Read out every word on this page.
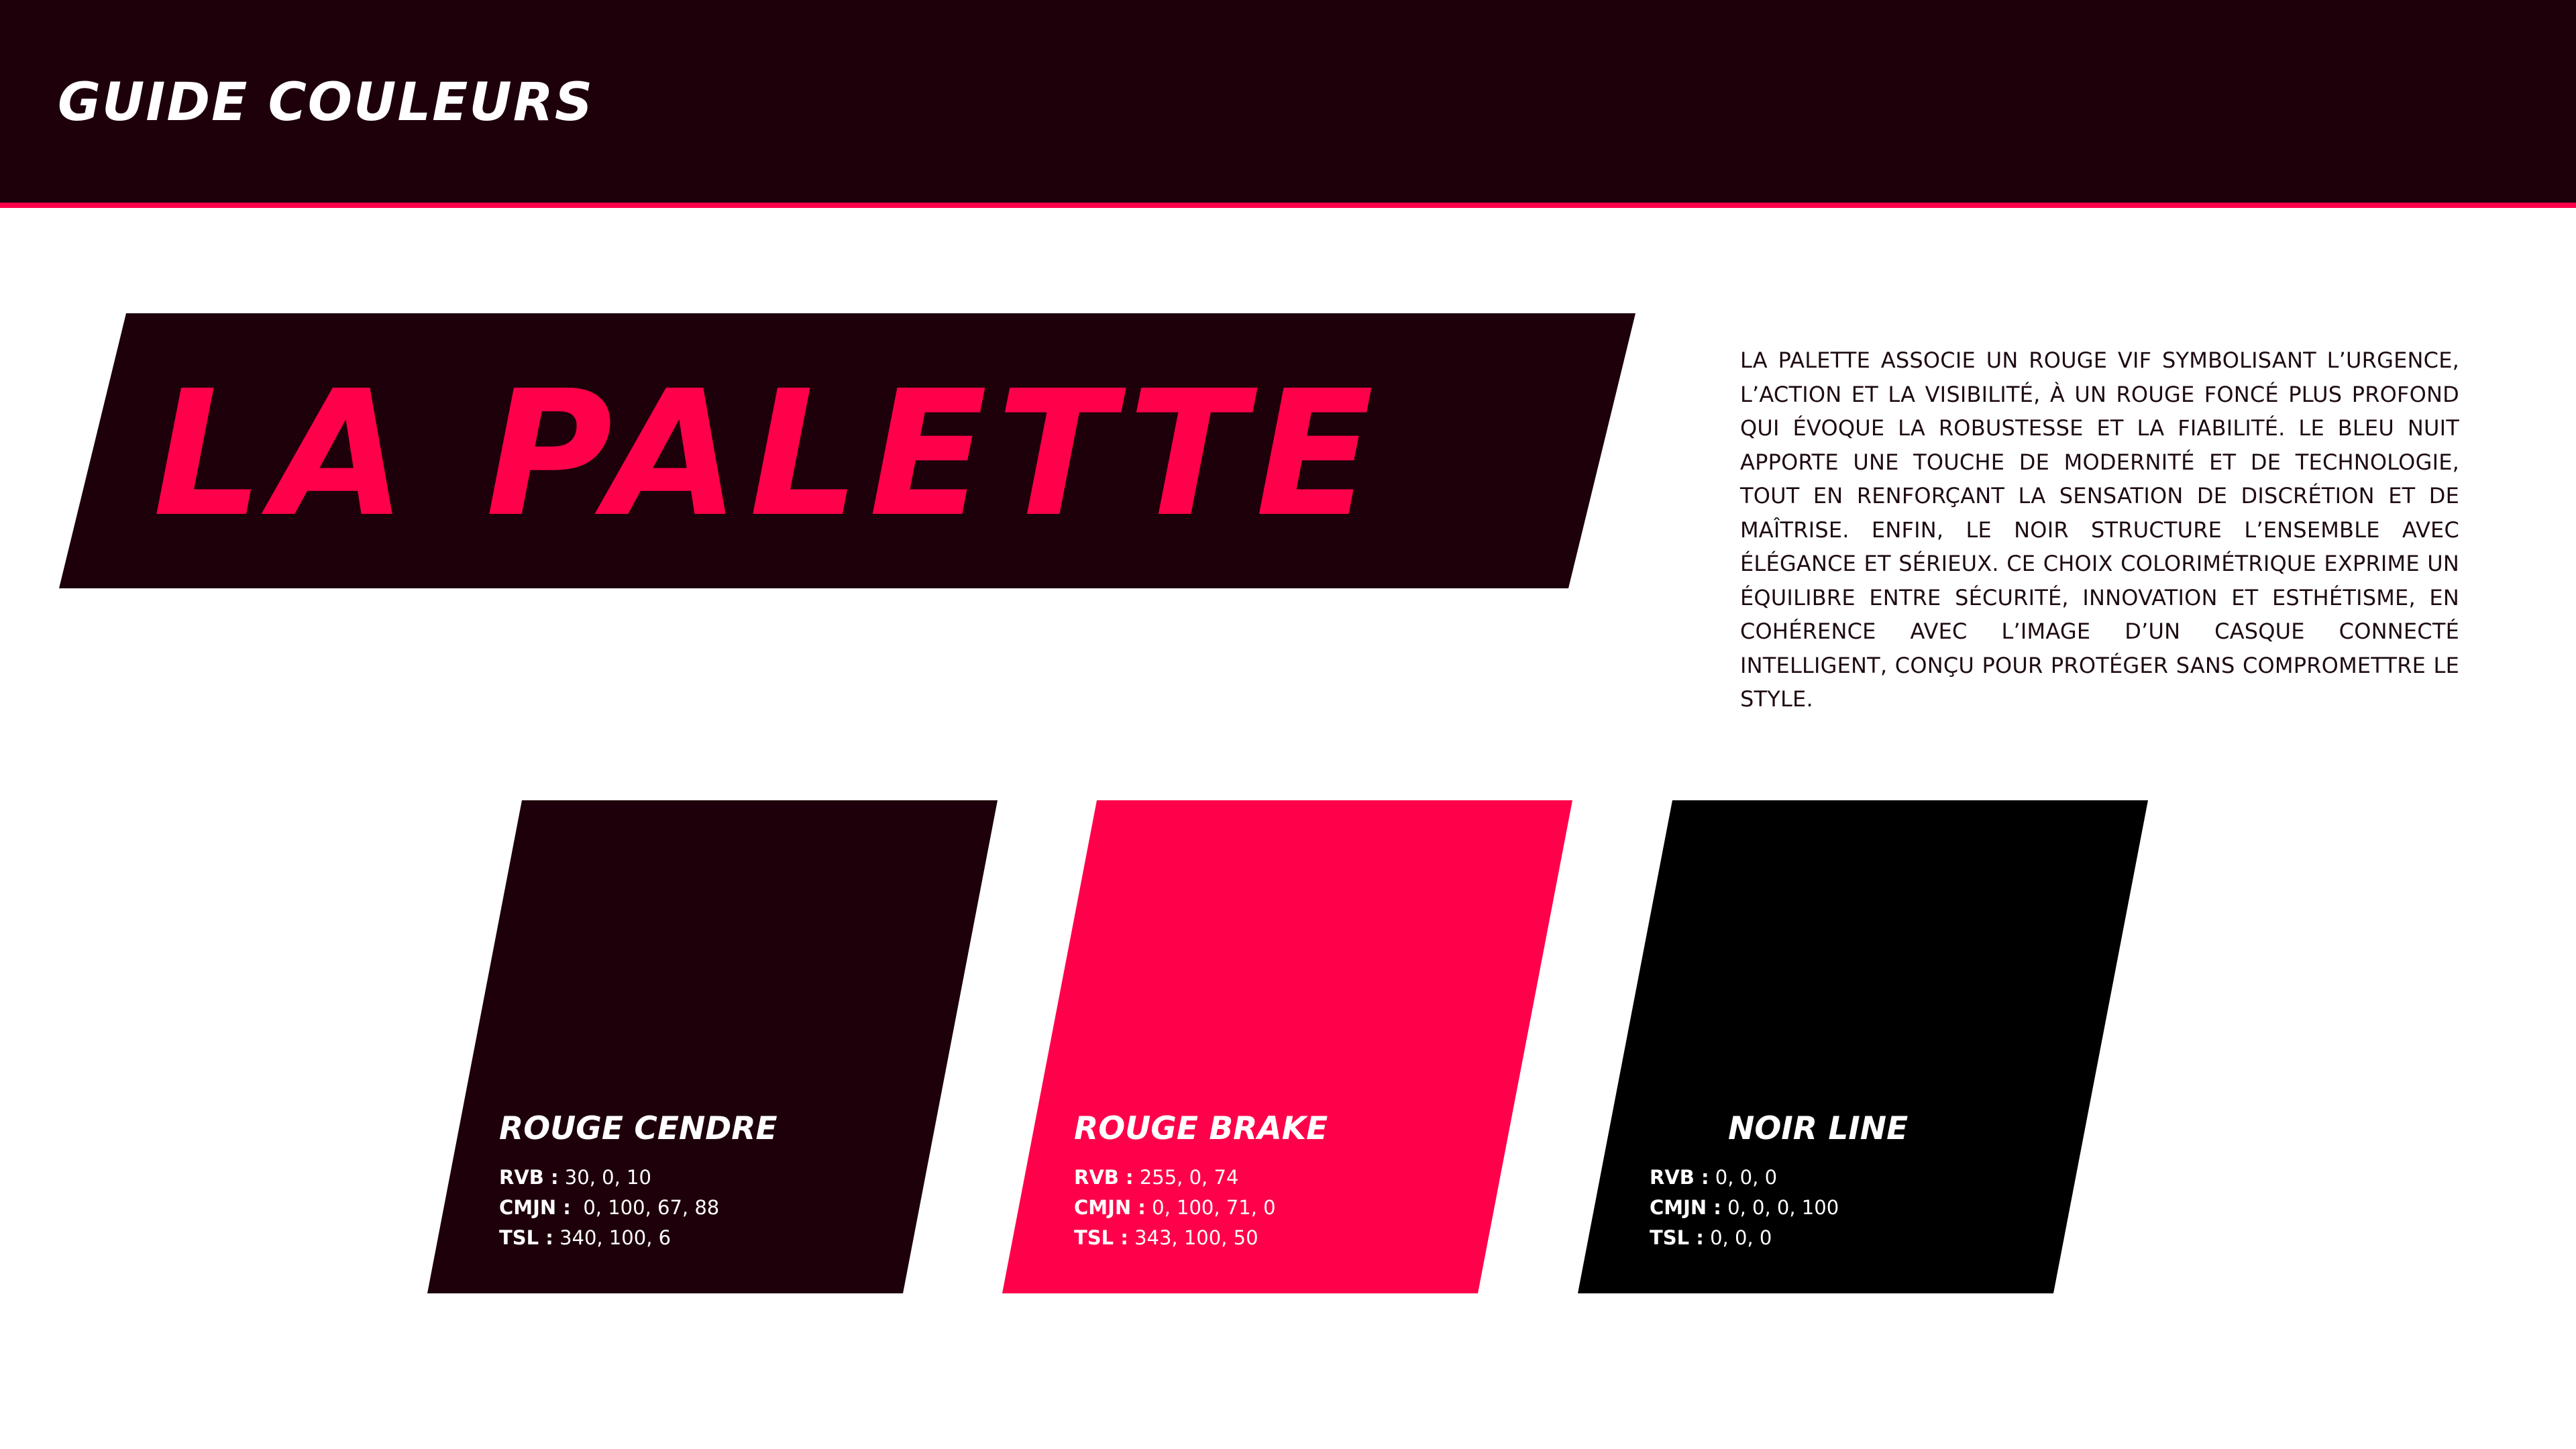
GUIDE COULEURS
LA PALETTE	LA PALETTE ASSOCIE UN ROUGE VIF SYMBOLISANT L’URGENCE, L’ACTION ET LA VISIBILITÉ, À UN ROUGE FONCÉ PLUS PROFOND QUI ÉVOQUE LA ROBUSTESSE ET LA FIABILITÉ. LE BLEU NUIT APPORTE UNE TOUCHE DE MODERNITÉ ET DE TECHNOLOGIE, TOUT EN RENFORÇANT LA SENSATION DE DISCRÉTION ET DE MAÎTRISE. ENFIN, LE NOIR STRUCTURE L’ENSEMBLE AVEC ÉLÉGANCE ET SÉRIEUX. CE CHOIX COLORIMÉTRIQUE EXPRIME UN ÉQUILIBRE ENTRE SÉCURITÉ, INNOVATION ET ESTHÉTISME, EN COHÉRENCE AVEC L’IMAGE D’UN CASQUE CONNECTÉ INTELLIGENT, CONÇU POUR PROTÉGER SANS COMPROMETTRE LE STYLE.

ROUGE CENDRE
RVB : 30, 0, 10
CMJN : 0, 100, 67, 88
TSL : 340, 100, 6
ROUGE BRAKE
RVB : 255, 0, 74
CMJN : 0, 100, 71, 0
TSL : 343, 100, 50
NOIR LINE
RVB : 0, 0, 0
CMJN : 0, 0, 0, 100
TSL : 0, 0, 0
